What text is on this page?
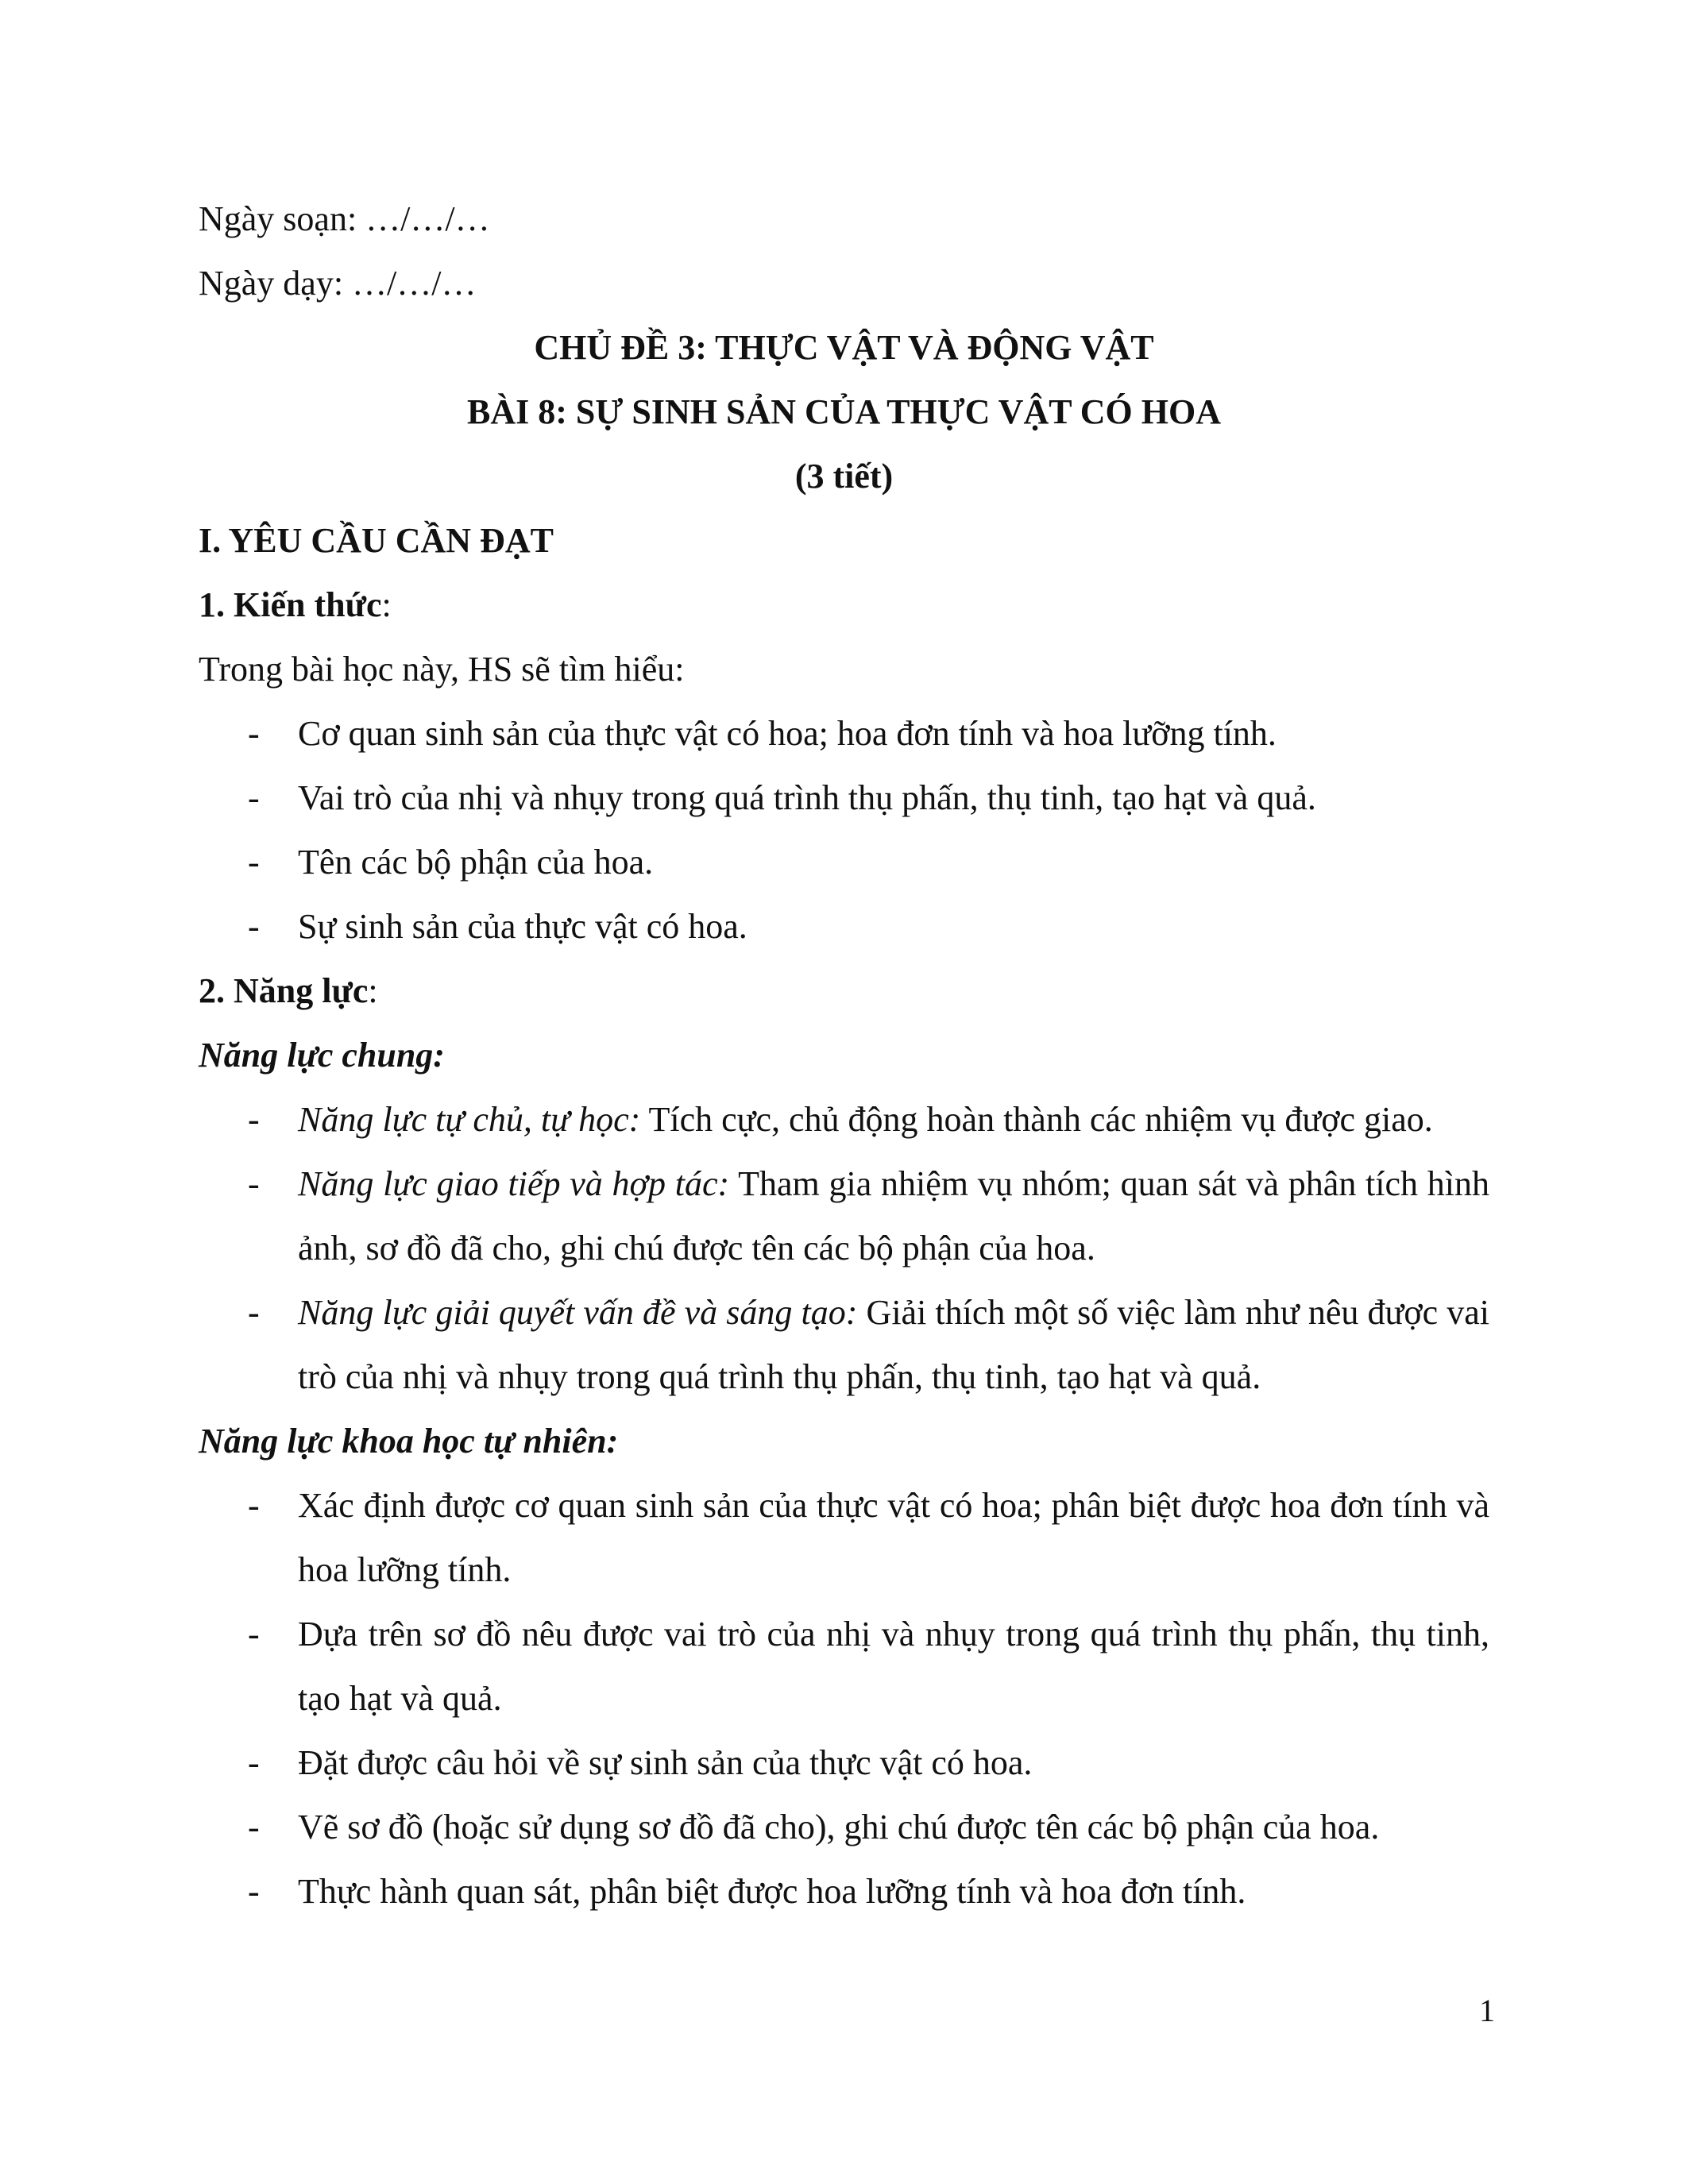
Ngày soạn: …/…/…
Ngày dạy: …/…/…
CHỦ ĐỀ 3: THỰC VẬT VÀ ĐỘNG VẬT
BÀI 8: SỰ SINH SẢN CỦA THỰC VẬT CÓ HOA
(3 tiết)
I. YÊU CẦU CẦN ĐẠT
1. Kiến thức:
Trong bài học này, HS sẽ tìm hiểu:
- Cơ quan sinh sản của thực vật có hoa; hoa đơn tính và hoa lưỡng tính.
- Vai trò của nhị và nhụy trong quá trình thụ phấn, thụ tinh, tạo hạt và quả.
- Tên các bộ phận của hoa.
- Sự sinh sản của thực vật có hoa.
2. Năng lực:
Năng lực chung:
- Năng lực tự chủ, tự học: Tích cực, chủ động hoàn thành các nhiệm vụ được giao.
- Năng lực giao tiếp và hợp tác: Tham gia nhiệm vụ nhóm; quan sát và phân tích hình ảnh, sơ đồ đã cho, ghi chú được tên các bộ phận của hoa.
- Năng lực giải quyết vấn đề và sáng tạo: Giải thích một số việc làm như nêu được vai trò của nhị và nhụy trong quá trình thụ phấn, thụ tinh, tạo hạt và quả.
Năng lực khoa học tự nhiên:
- Xác định được cơ quan sinh sản của thực vật có hoa; phân biệt được hoa đơn tính và hoa lưỡng tính.
- Dựa trên sơ đồ nêu được vai trò của nhị và nhụy trong quá trình thụ phấn, thụ tinh, tạo hạt và quả.
- Đặt được câu hỏi về sự sinh sản của thực vật có hoa.
- Vẽ sơ đồ (hoặc sử dụng sơ đồ đã cho), ghi chú được tên các bộ phận của hoa.
- Thực hành quan sát, phân biệt được hoa lưỡng tính và hoa đơn tính.
1
